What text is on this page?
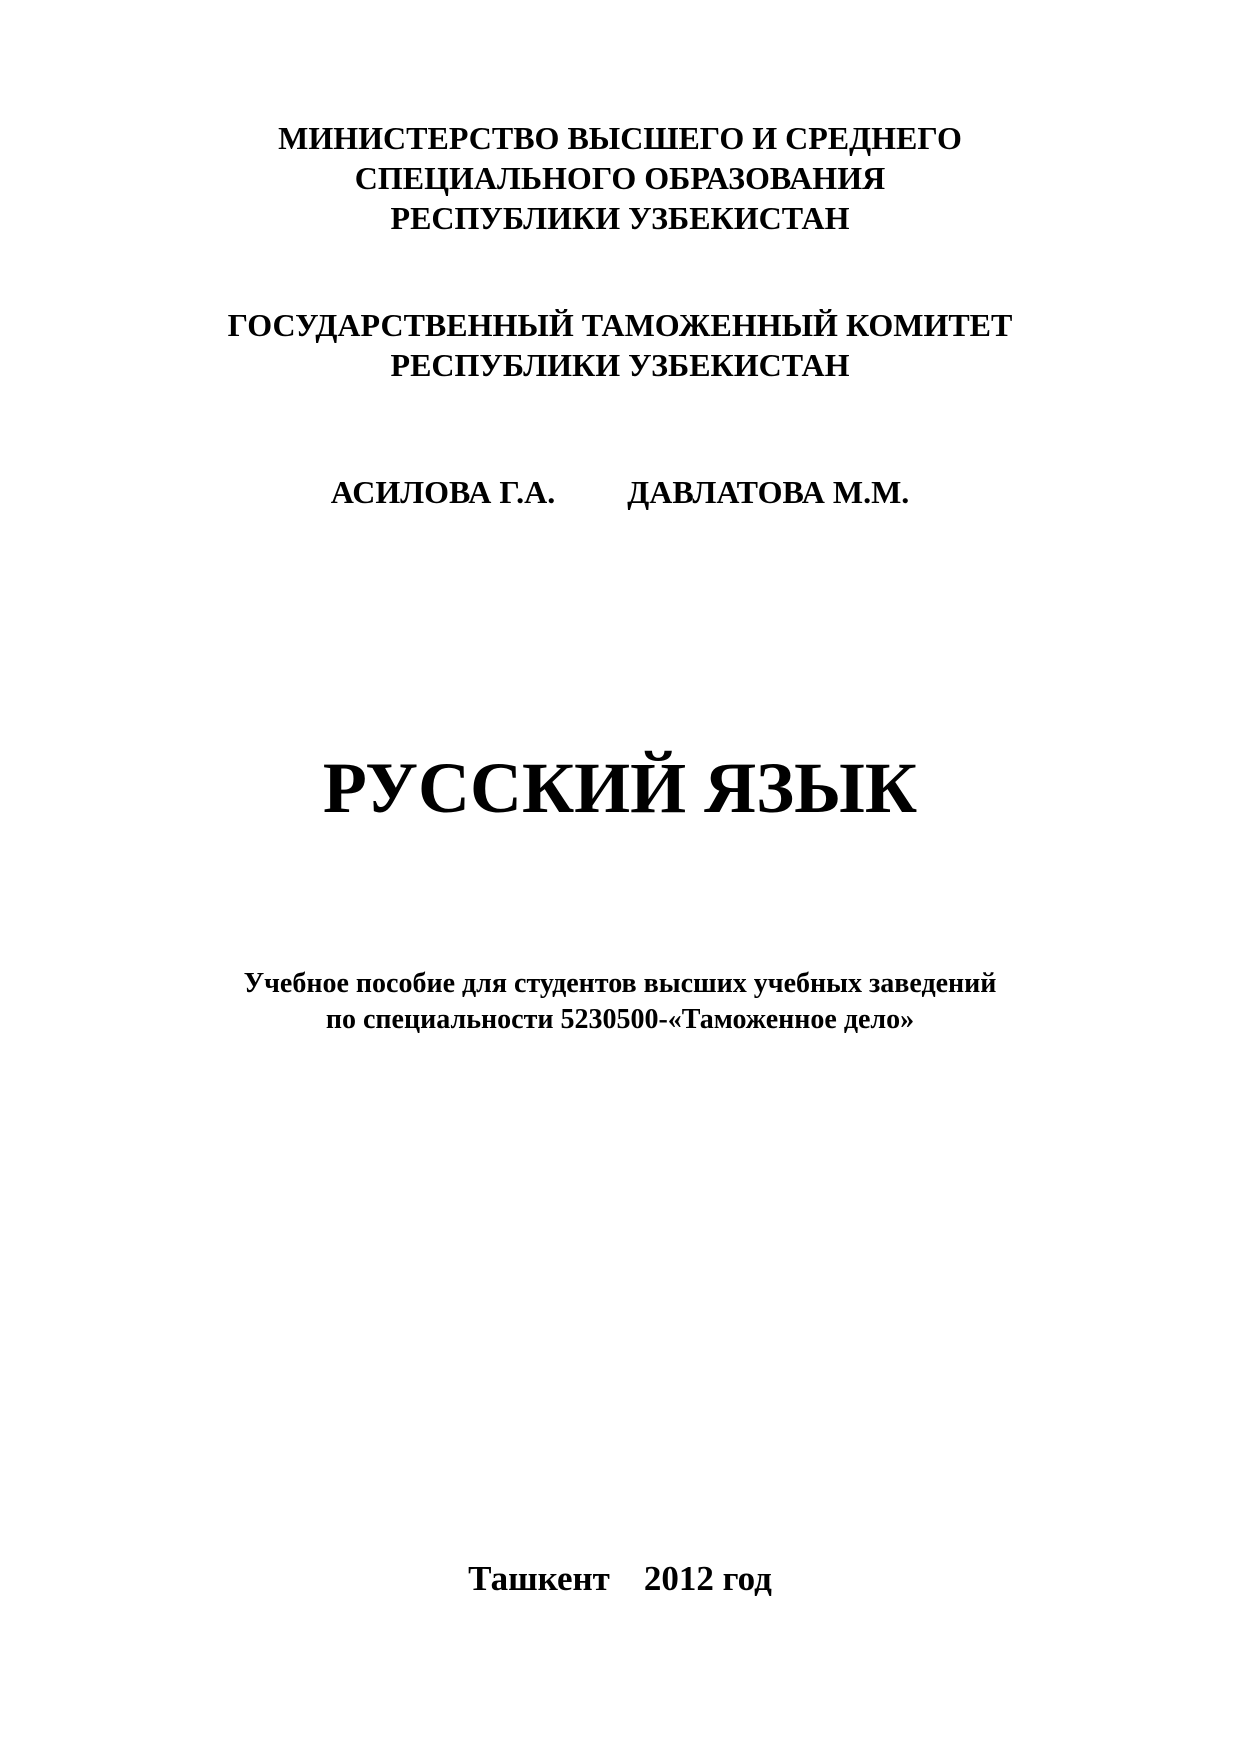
МИНИСТЕРСТВО ВЫСШЕГО И СРЕДНЕГО
СПЕЦИАЛЬНОГО ОБРАЗОВАНИЯ
РЕСПУБЛИКИ УЗБЕКИСТАН
ГОСУДАРСТВЕННЫЙ ТАМОЖЕННЫЙ КОМИТЕТ
РЕСПУБЛИКИ УЗБЕКИСТАН
АСИЛОВА Г.А. ДАВЛАТОВА М.М.
РУССКИЙ ЯЗЫК
Учебное пособие для студентов высших учебных заведений
по специальности 5230500-«Таможенное дело»
Ташкент 2012 год
